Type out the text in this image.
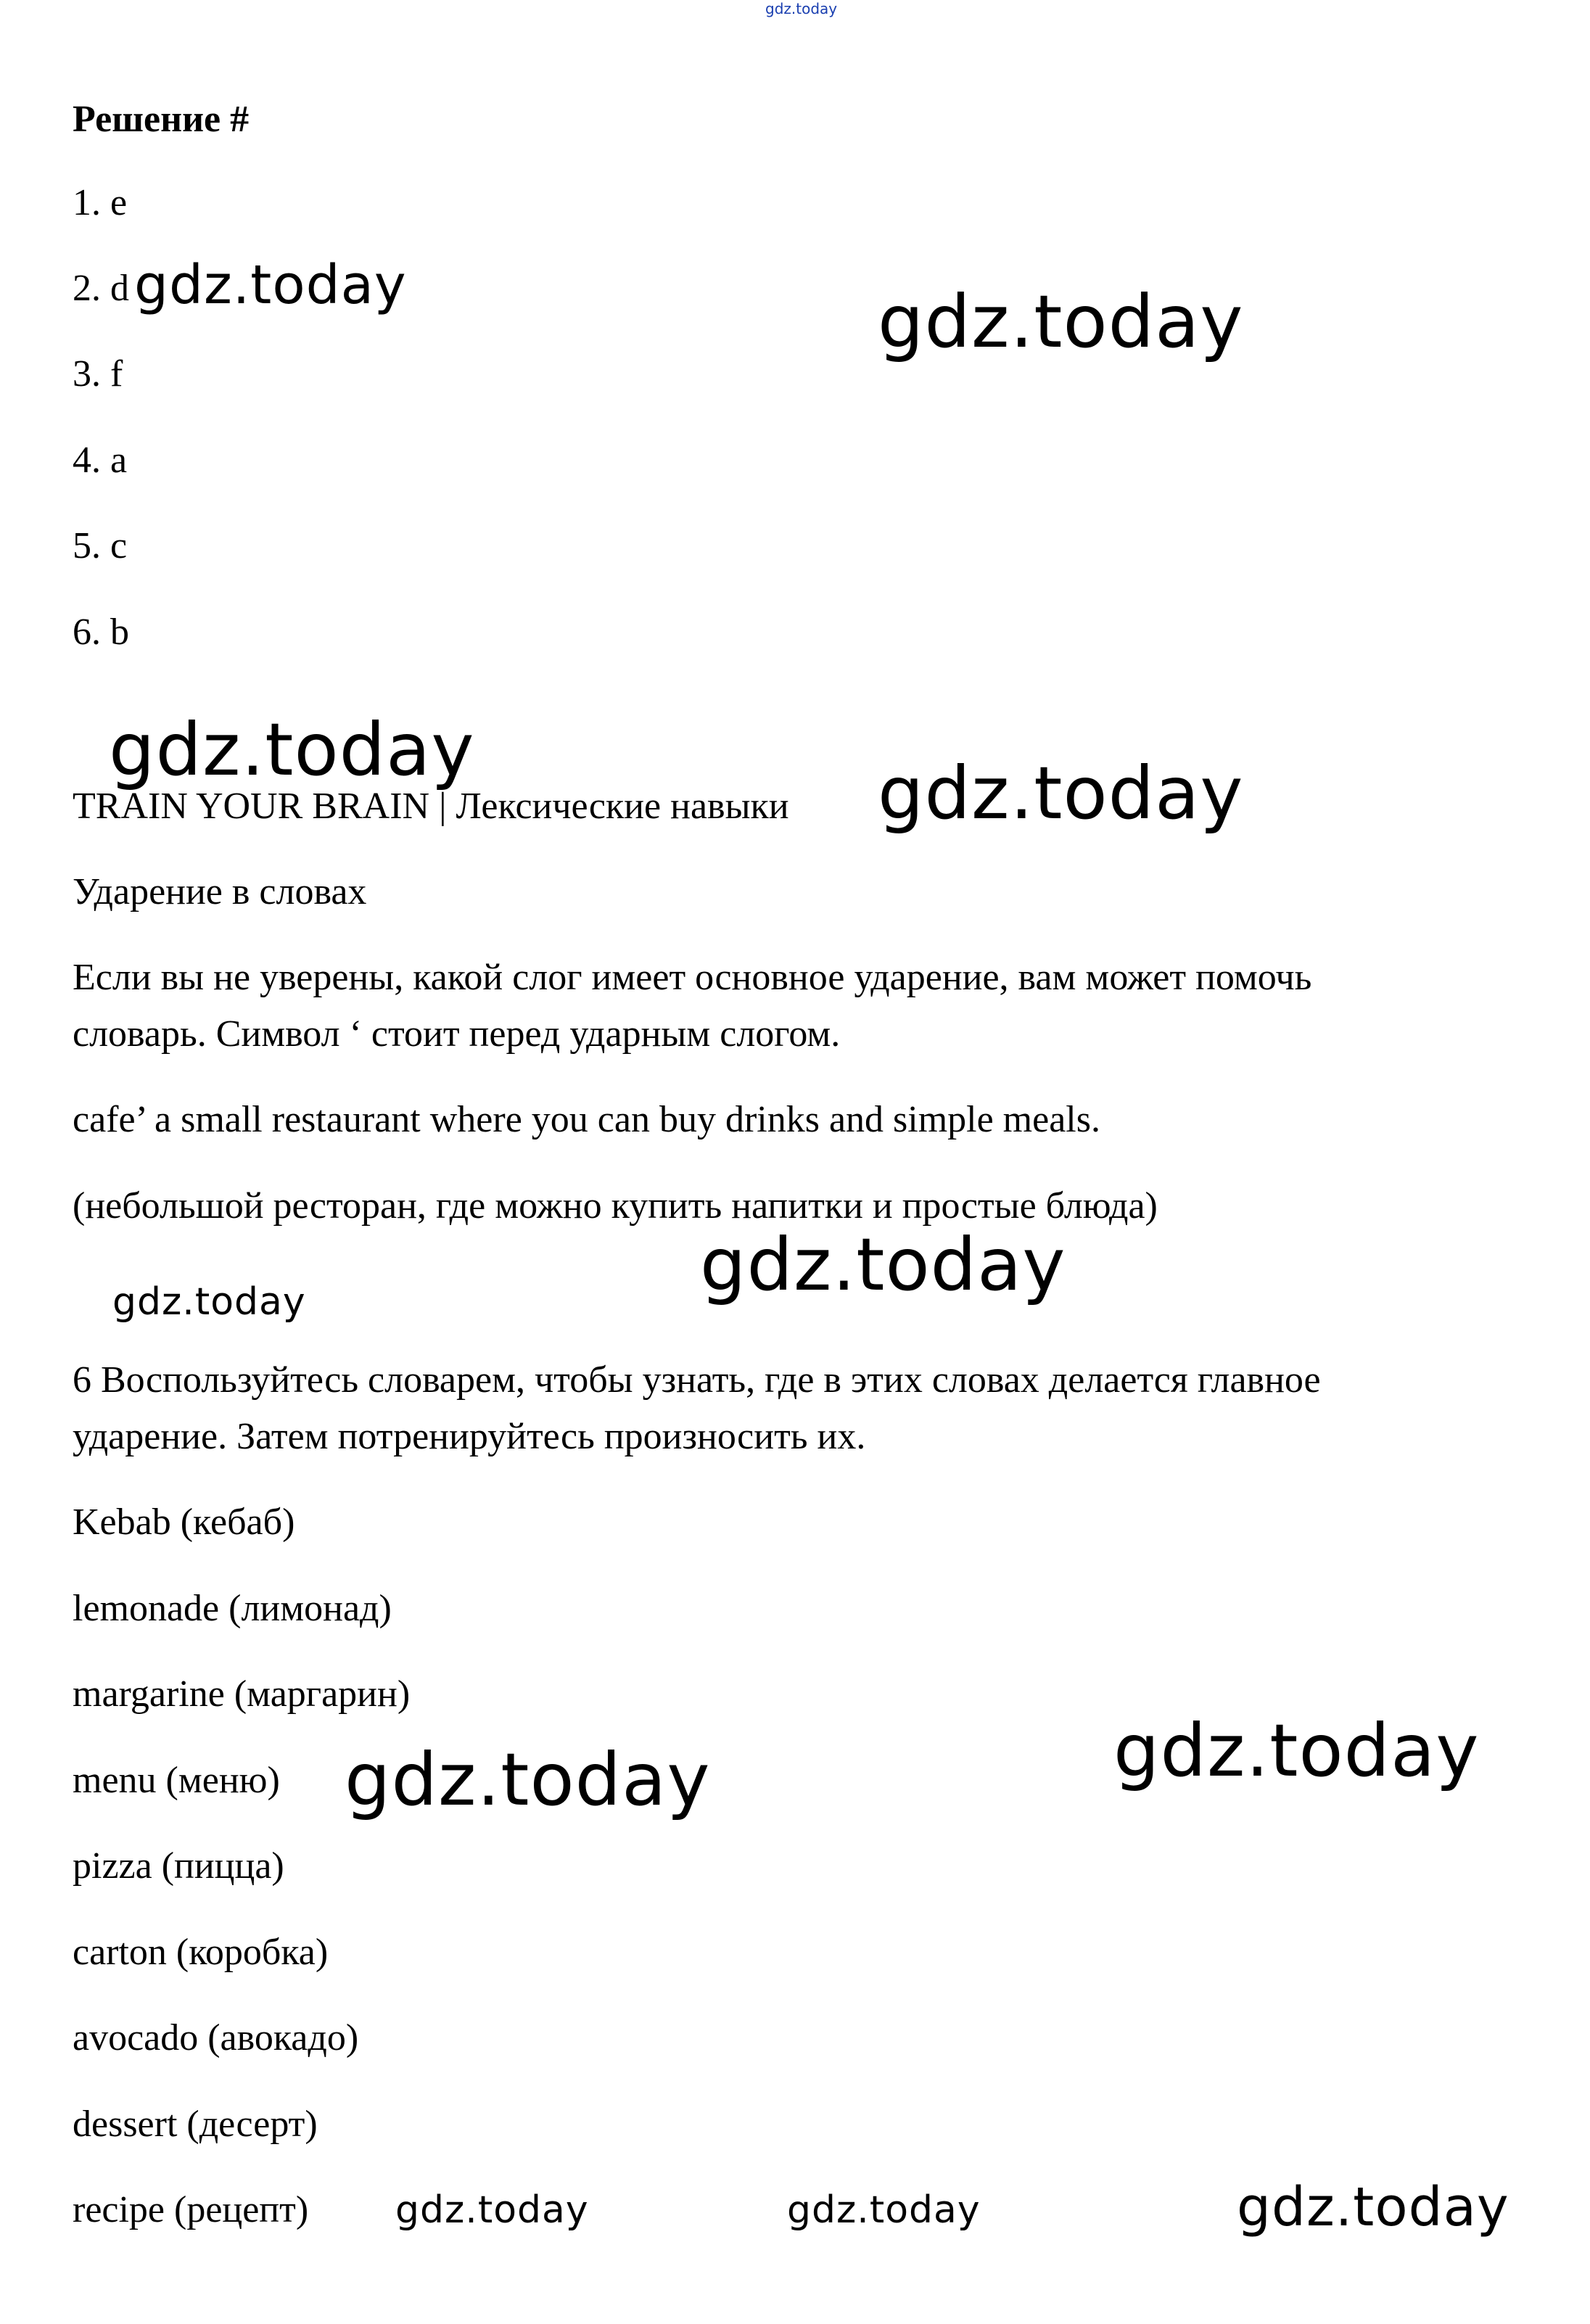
gdz.today
Решение #
1. e
2. d
3. f
4. a
5. c
6. b
TRAIN YOUR BRAIN | Лексические навыки
Ударение в словах
Если вы не уверены, какой слог имеет основное ударение, вам может помочь
словарь. Символ ‘ стоит перед ударным слогом.
cafe’ a small restaurant where you can buy drinks and simple meals.
(небольшой ресторан, где можно купить напитки и простые блюда)
6 Воспользуйтесь словарем, чтобы узнать, где в этих словах делается главное
ударение. Затем потренируйтесь произносить их.
Kebab (кебаб)
lemonade (лимонад)
margarine (маргарин)
menu (меню)
pizza (пицца)
carton (коробка)
avocado (авокадо)
dessert (десерт)
recipe (рецепт)
gdz.today	gdz.today
gdz.today
gdz.today
gdz.today
gdz.today
gdz.today	gdz.today
gdz.today	gdz.today	gdz.today
